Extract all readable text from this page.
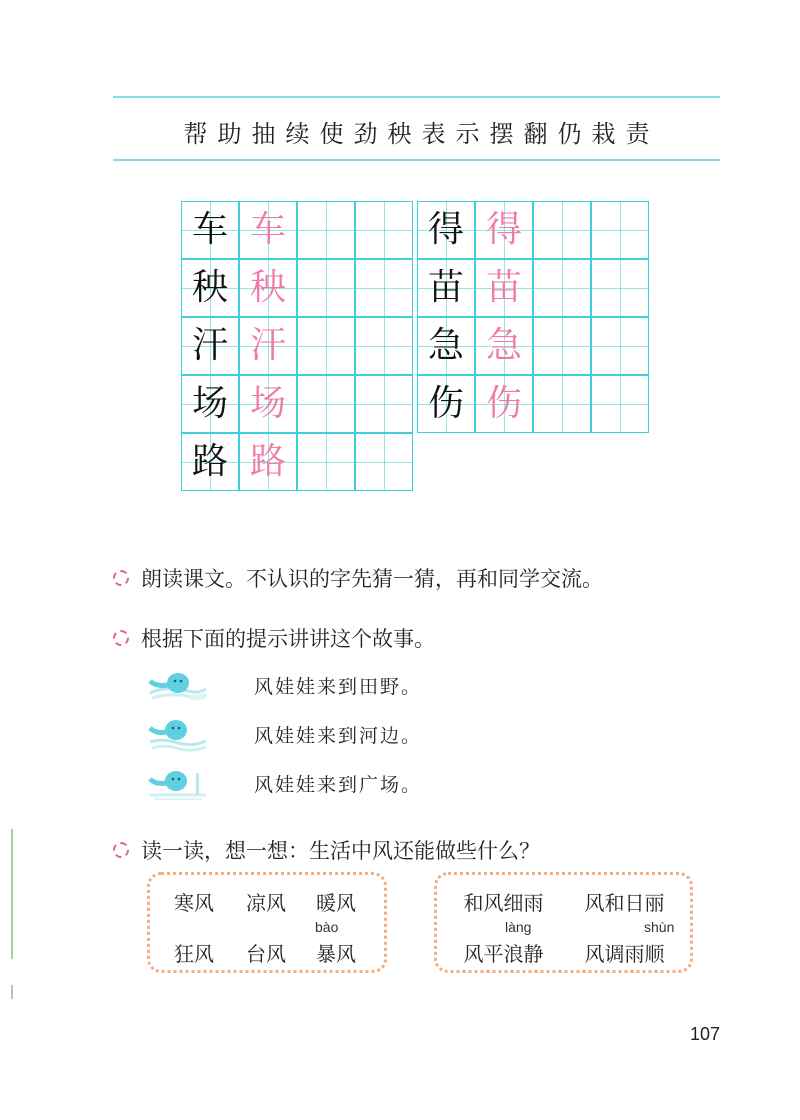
帮 助 抽 续 使 劲 秧 表 示 摆 翻 仍 栽 责
车 车
秧 秧
汗 汗
场 场
路 路
得 得
苗 苗
急 急
伤 伤
朗读课文。不认识的字先猜一猜，再和同学交流。
根据下面的提示讲讲这个故事。
风娃娃来到田野。
风娃娃来到河边。
风娃娃来到广场。
读一读，想一想：生活中风还能做些什么？
寒风	凉风	暖风
bào
狂风	台风	暴风
和风细雨	风和日丽
làng	shùn
风平浪静	风调雨顺
107
